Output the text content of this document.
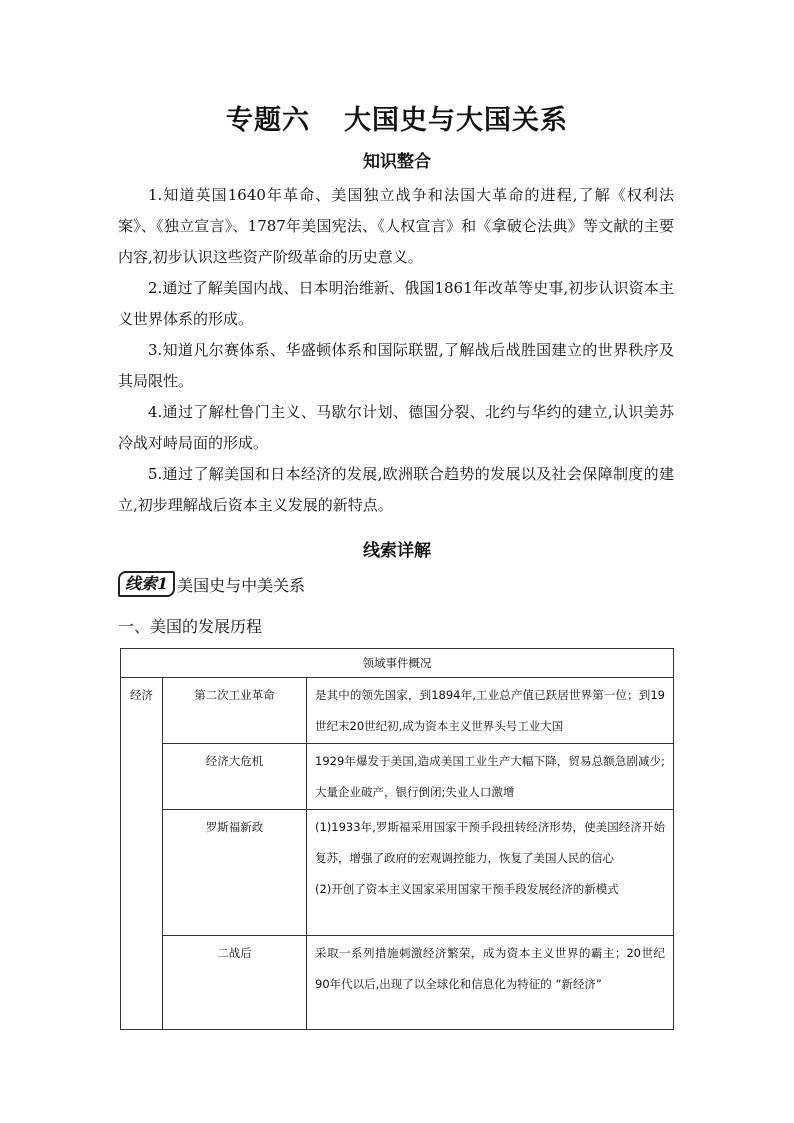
专题六 大国史与大国关系
知识整合
1.知道英国1640年革命、美国独立战争和法国大革命的进程,了解《权利法案》、《独立宣言》、1787年美国宪法、《人权宣言》和《拿破仑法典》等文献的主要内容,初步认识这些资产阶级革命的历史意义。
2.通过了解美国内战、日本明治维新、俄国1861年改革等史事,初步认识资本主义世界体系的形成。
3.知道凡尔赛体系、华盛顿体系和国际联盟,了解战后战胜国建立的世界秩序及其局限性。
4.通过了解杜鲁门主义、马歇尔计划、德国分裂、北约与华约的建立,认识美苏冷战对峙局面的形成。
5.通过了解美国和日本经济的发展,欧洲联合趋势的发展以及社会保障制度的建立,初步理解战后资本主义发展的新特点。
线索详解
线索1 美国史与中美关系
一、美国的发展历程
领域事件概况		
经济	第二次工业革命	是其中的领先国家，到1894年,工业总产值已跃居世界第一位；到19世纪末20世纪初,成为资本主义世界头号工业大国
	经济大危机	1929年爆发于美国,造成美国工业生产大幅下降，贸易总额急剧减少;大量企业破产，银行倒闭;失业人口激增
	罗斯福新政	(1)1933年,罗斯福采用国家干预手段扭转经济形势，使美国经济开始复苏，增强了政府的宏观调控能力，恢复了美国人民的信心
(2)开创了资本主义国家采用国家干预手段发展经济的新模式

	二战后	采取一系列措施刺激经济繁荣，成为资本主义世界的霸主；20世纪90年代以后,出现了以全球化和信息化为特征的 “新经济”
